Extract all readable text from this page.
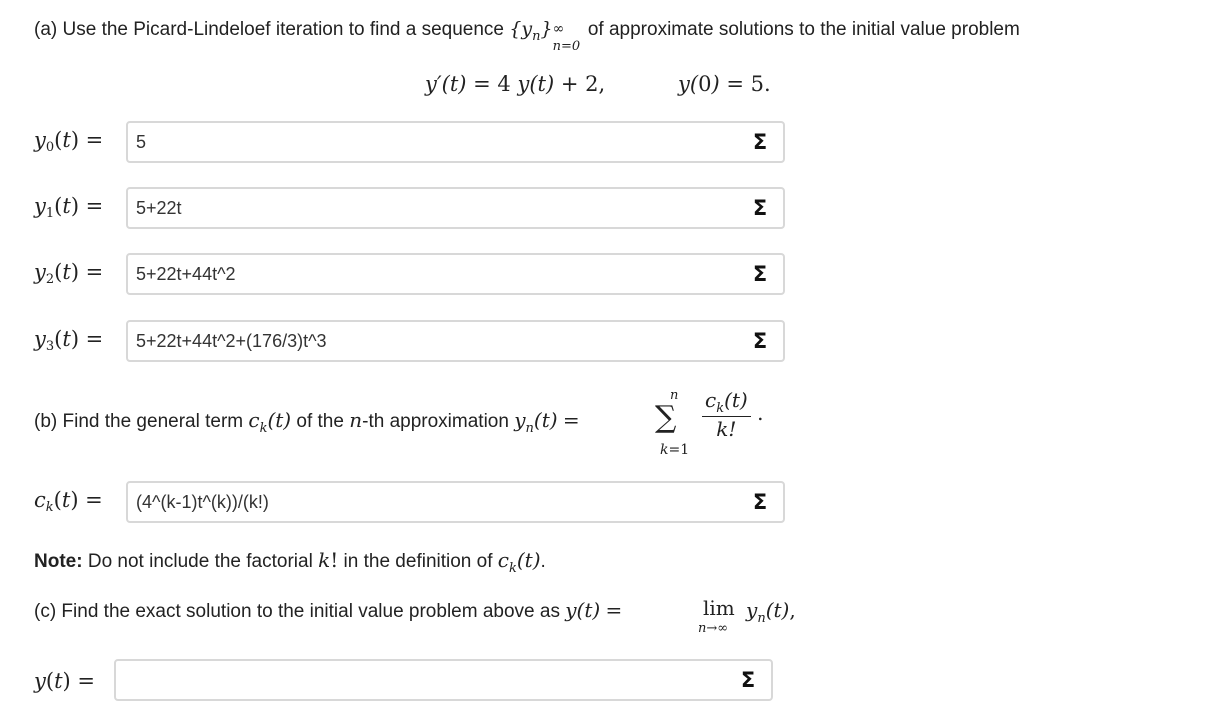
(a) Use the Picard-Lindeloef iteration to find a sequence $\{y_n\}$ ∞
n=0
of approximate solutions to the initial value problem
y′(t) = 4 y(t) + 2,	y(0) = 5.
$y_0(t)$ =
5	Σ
$y_1(t)$ =
5+22t	Σ
$y_2(t)$ =
5+22t+44t^2	Σ
$y_3(t)$ =
5+22t+44t^2+(176/3)t^3	Σ
(b) Find the general term $c_k(t)$ of the n-th approximation $y_n(t)$ =
n
∑
k=1
$\frac{c_k(t)}{k!}$ .
$c_k(t)$ =
(4^(k-1)t^(k))/(k!)	Σ
Note: Do not include the factorial k! in the definition of $c_k(t)$.
(c) Find the exact solution to the initial value problem above as y(t) =	lim
n→∞
$y_n(t)$,
y(t) =	Σ
